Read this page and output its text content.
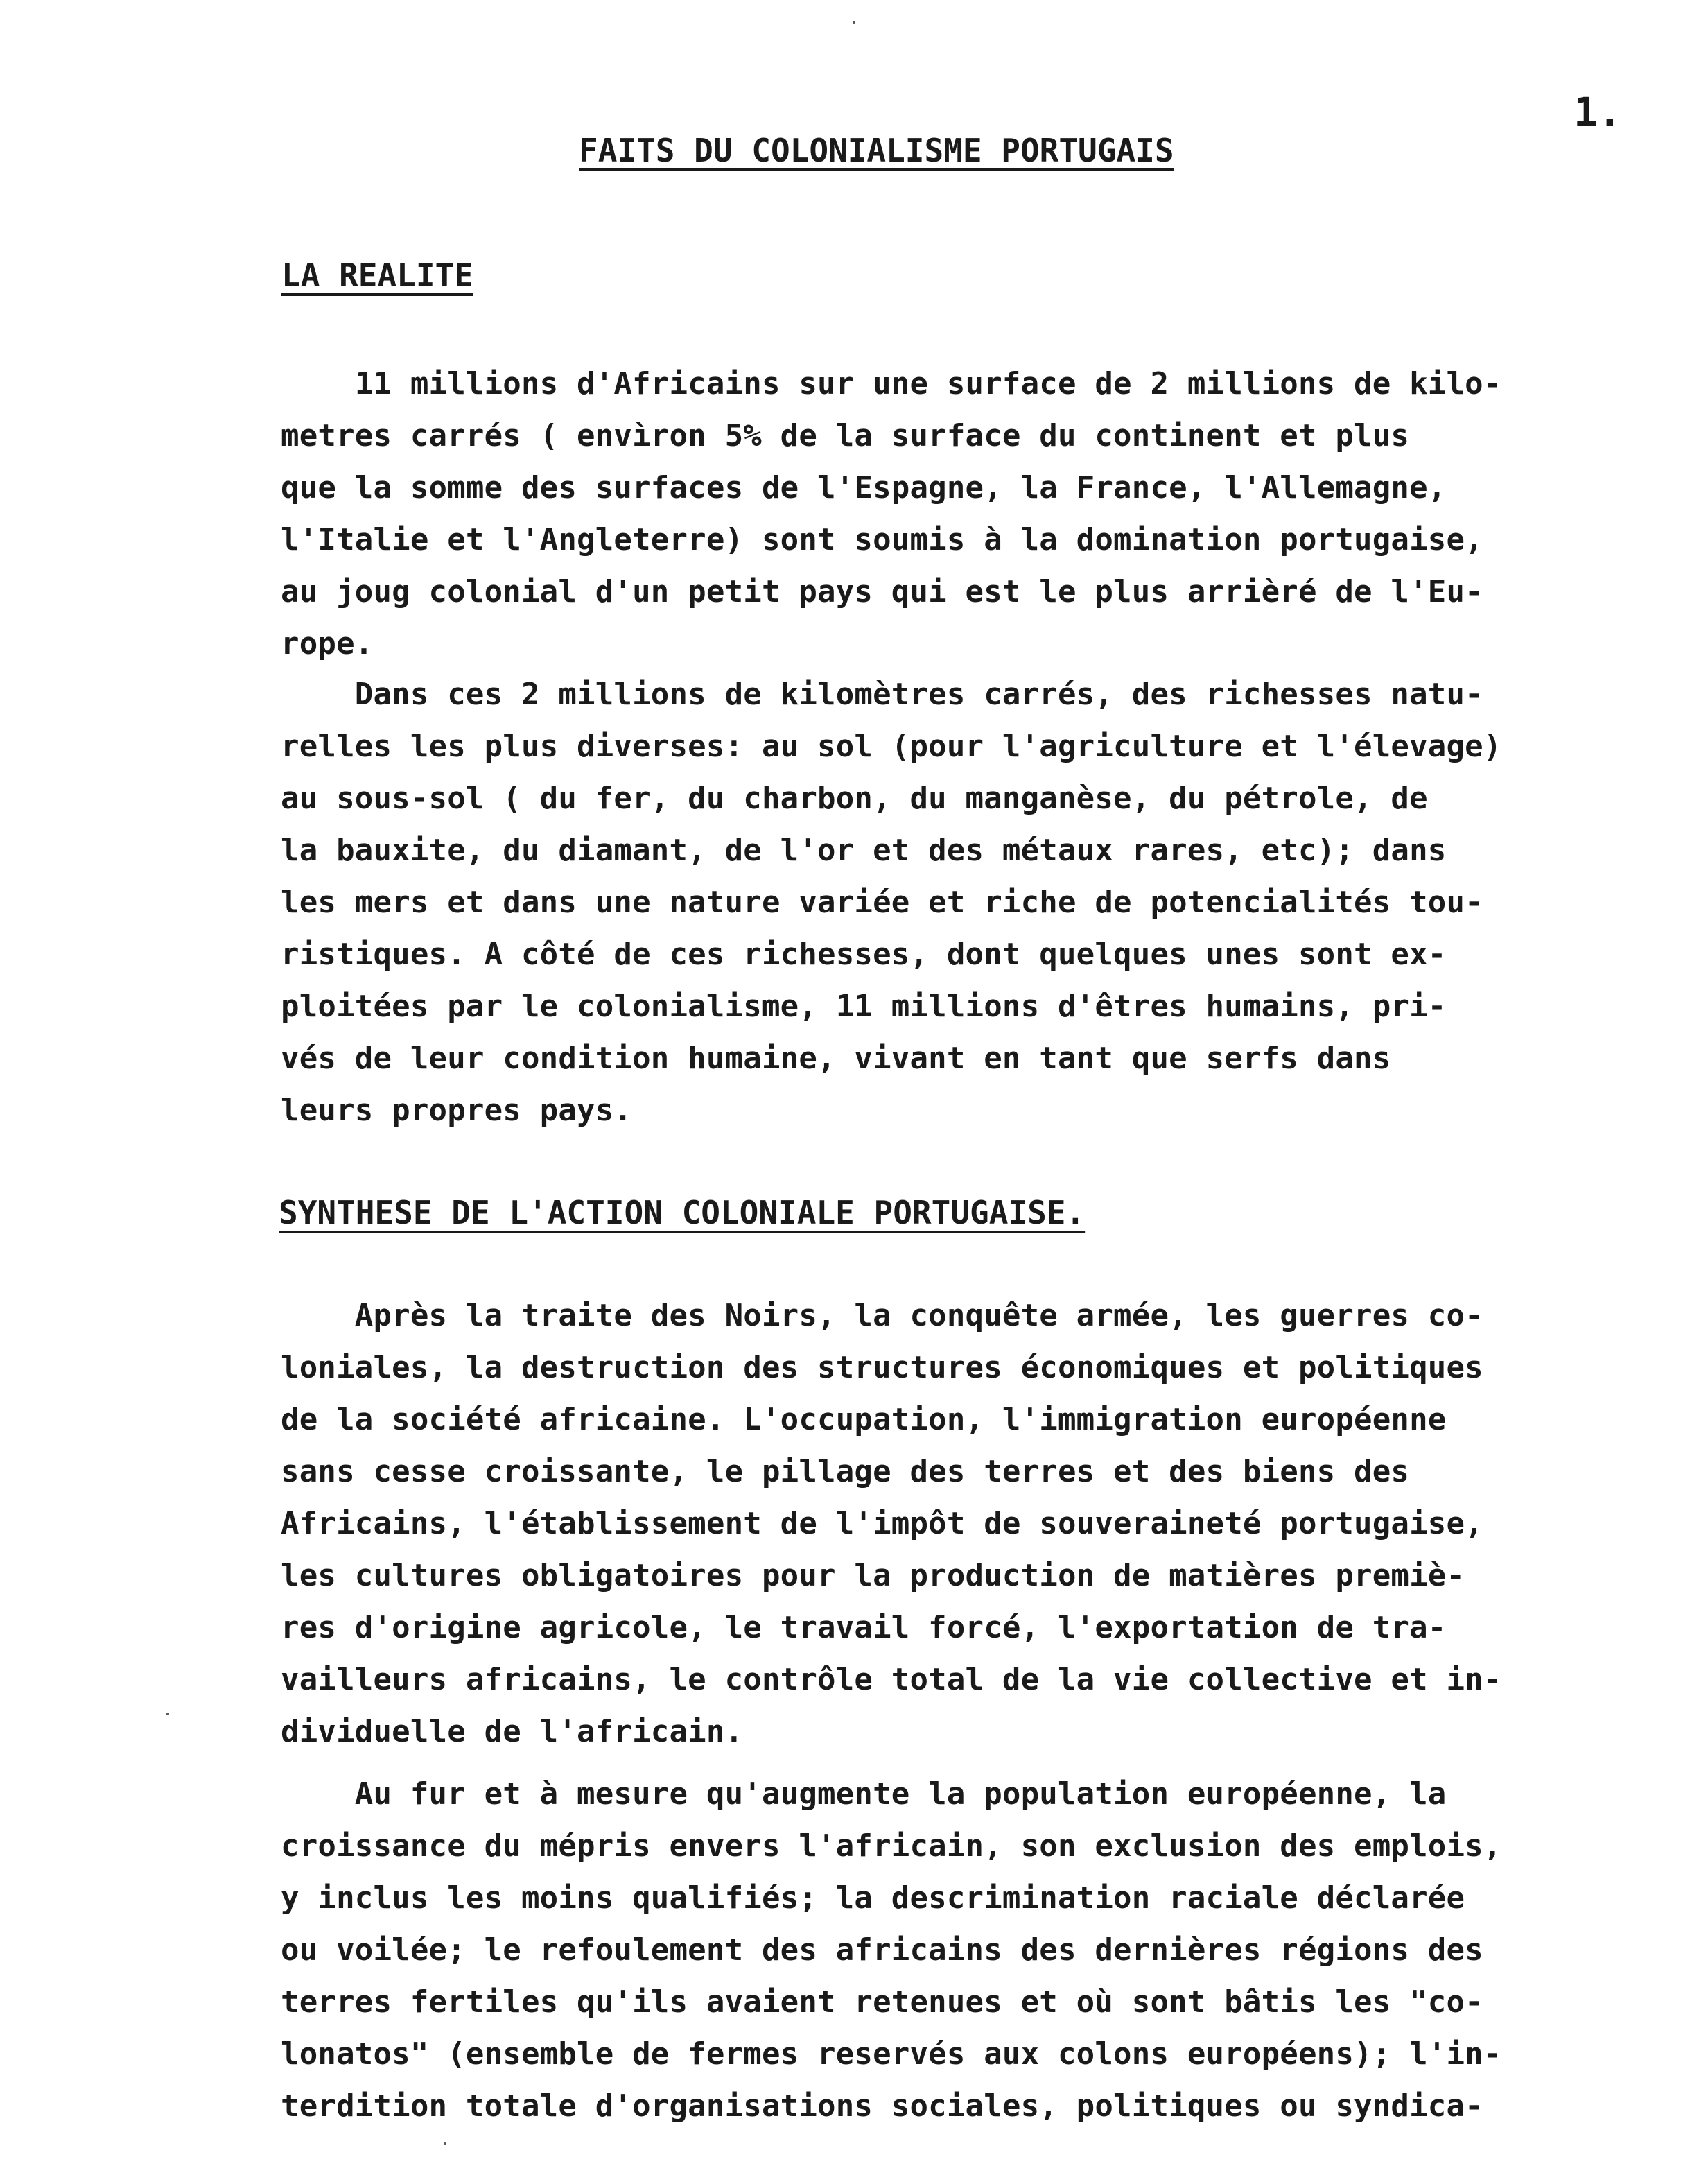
1.
FAITS DU COLONIALISME PORTUGAIS
LA REALITE

11 millions d'Africains sur une surface de 2 millions de kilo-
metres carrés ( envìron 5% de la surface du continent et plus
que la somme des surfaces de l'Espagne, la France, l'Allemagne,
l'Italie et l'Angleterre) sont soumis à la domination portugaise,
au joug colonial d'un petit pays qui est le plus arrièré de l'Eu-
rope.

Dans ces 2 millions de kilomètres carrés, des richesses natu-
relles les plus diverses: au sol (pour l'agriculture et l'élevage)
au sous-sol ( du fer, du charbon, du manganèse, du pétrole, de
la bauxite, du diamant, de l'or et des métaux rares, etc); dans
les mers et dans une nature variée et riche de potencialités tou-
ristiques. A côté de ces richesses, dont quelques unes sont ex-
ploitées par le colonialisme, 11 millions d'êtres humains, pri-
vés de leur condition humaine, vivant en tant que serfs dans
leurs propres pays.

SYNTHESE DE L'ACTION COLONIALE PORTUGAISE.

Après la traite des Noirs, la conquête armée, les guerres co-
loniales, la destruction des structures économiques et politiques
de la société africaine. L'occupation, l'immigration européenne
sans cesse croissante, le pillage des terres et des biens des
Africains, l'établissement de l'impôt de souveraineté portugaise,
les cultures obligatoires pour la production de matières premiè-
res d'origine agricole, le travail forcé, l'exportation de tra-
vailleurs africains, le contrôle total de la vie collective et in-
dividuelle de l'africain.

Au fur et à mesure qu'augmente la population européenne, la
croissance du mépris envers l'africain, son exclusion des emplois,
y inclus les moins qualifiés; la descrimination raciale déclarée
ou voilée; le refoulement des africains des dernières régions des
terres fertiles qu'ils avaient retenues et où sont bâtis les "co-
lonatos" (ensemble de fermes reservés aux colons européens); l'in-
terdition totale d'organisations sociales, politiques ou syndica-
